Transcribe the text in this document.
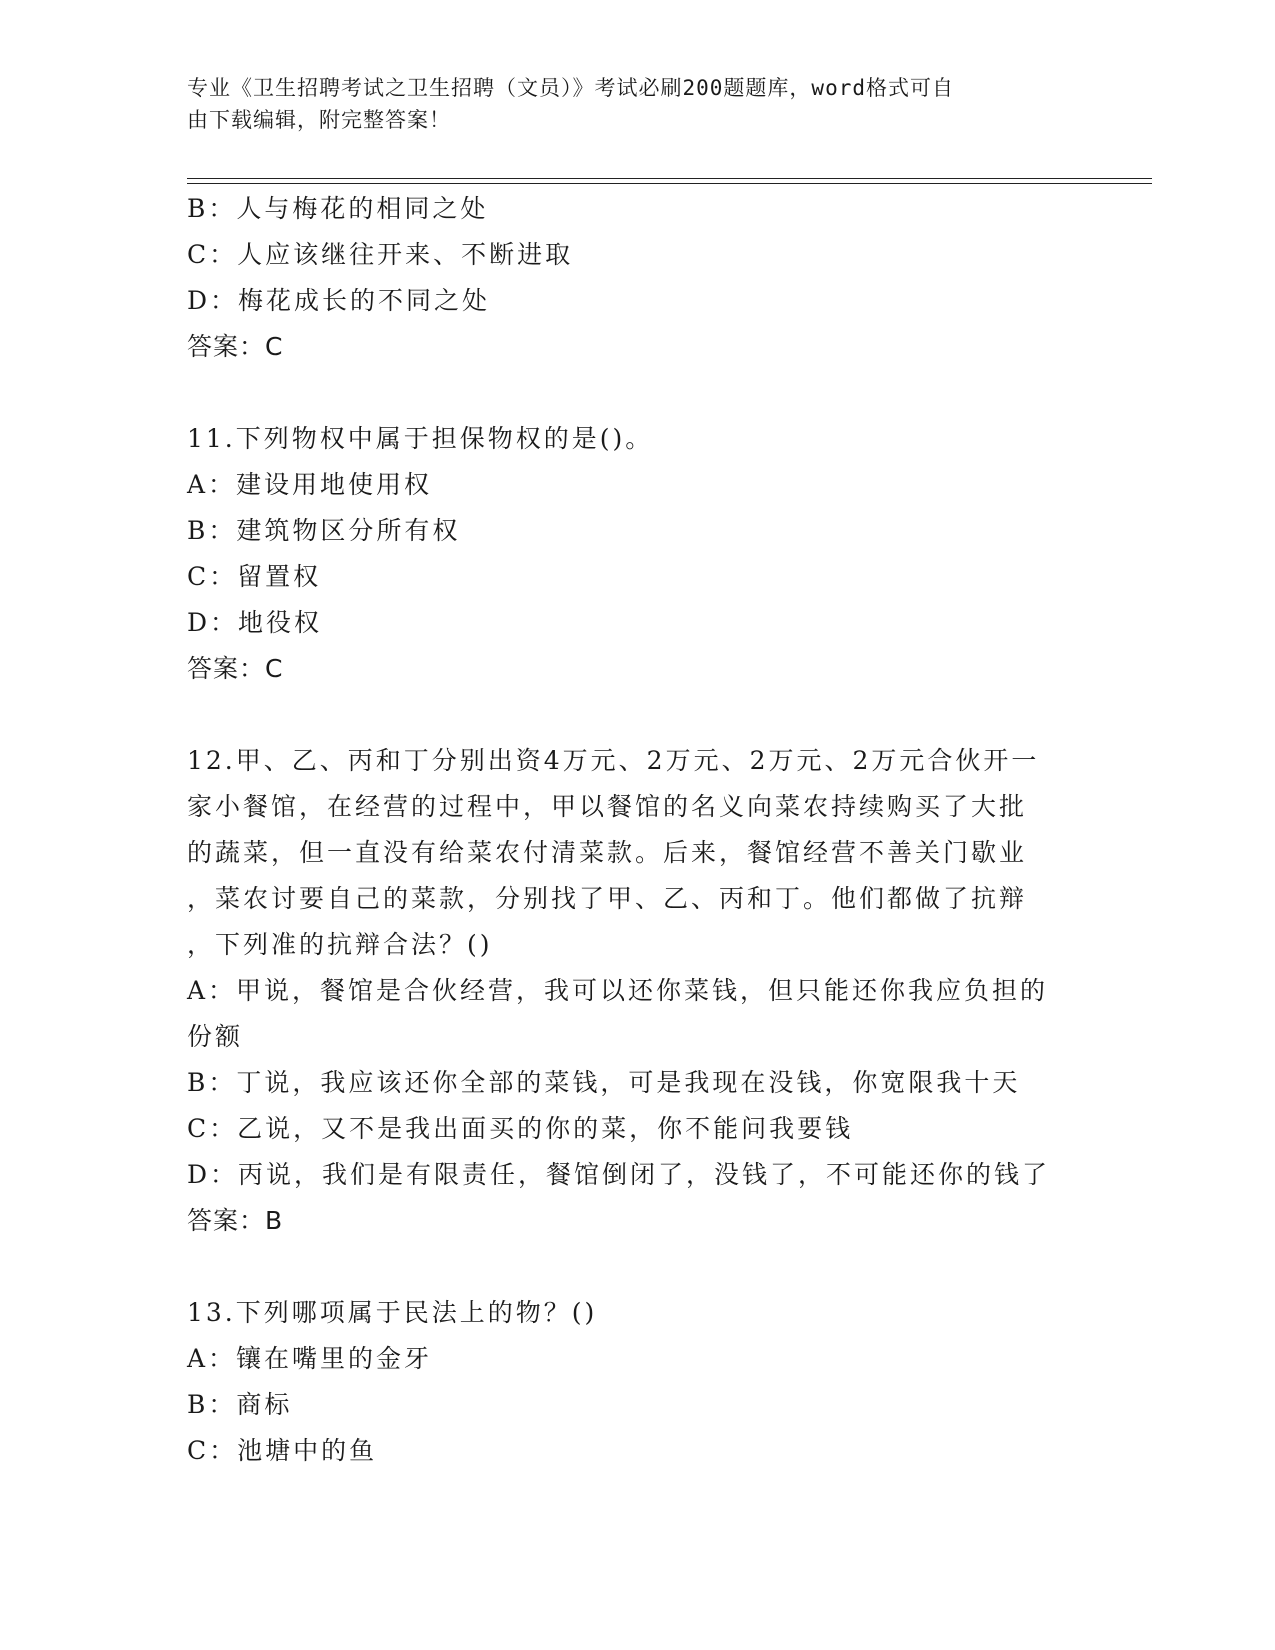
专业《卫生招聘考试之卫生招聘（文员）》考试必刷200题题库，word格式可自
由下载编辑，附完整答案！
B：人与梅花的相同之处
C：人应该继往开来、不断进取
D：梅花成长的不同之处
答案：C
11.下列物权中属于担保物权的是()。
A：建设用地使用权
B：建筑物区分所有权
C：留置权
D：地役权
答案：C
12.甲、乙、丙和丁分别出资4万元、2万元、2万元、2万元合伙开一
家小餐馆，在经营的过程中，甲以餐馆的名义向菜农持续购买了大批
的蔬菜，但一直没有给菜农付清菜款。后来，餐馆经营不善关门歇业
，菜农讨要自己的菜款，分别找了甲、乙、丙和丁。他们都做了抗辩
，下列准的抗辩合法？()
A：甲说，餐馆是合伙经营，我可以还你菜钱，但只能还你我应负担的
份额
B：丁说，我应该还你全部的菜钱，可是我现在没钱，你宽限我十天
C：乙说，又不是我出面买的你的菜，你不能问我要钱
D：丙说，我们是有限责任，餐馆倒闭了，没钱了，不可能还你的钱了
答案：B
13.下列哪项属于民法上的物？()
A：镶在嘴里的金牙
B：商标
C：池塘中的鱼
